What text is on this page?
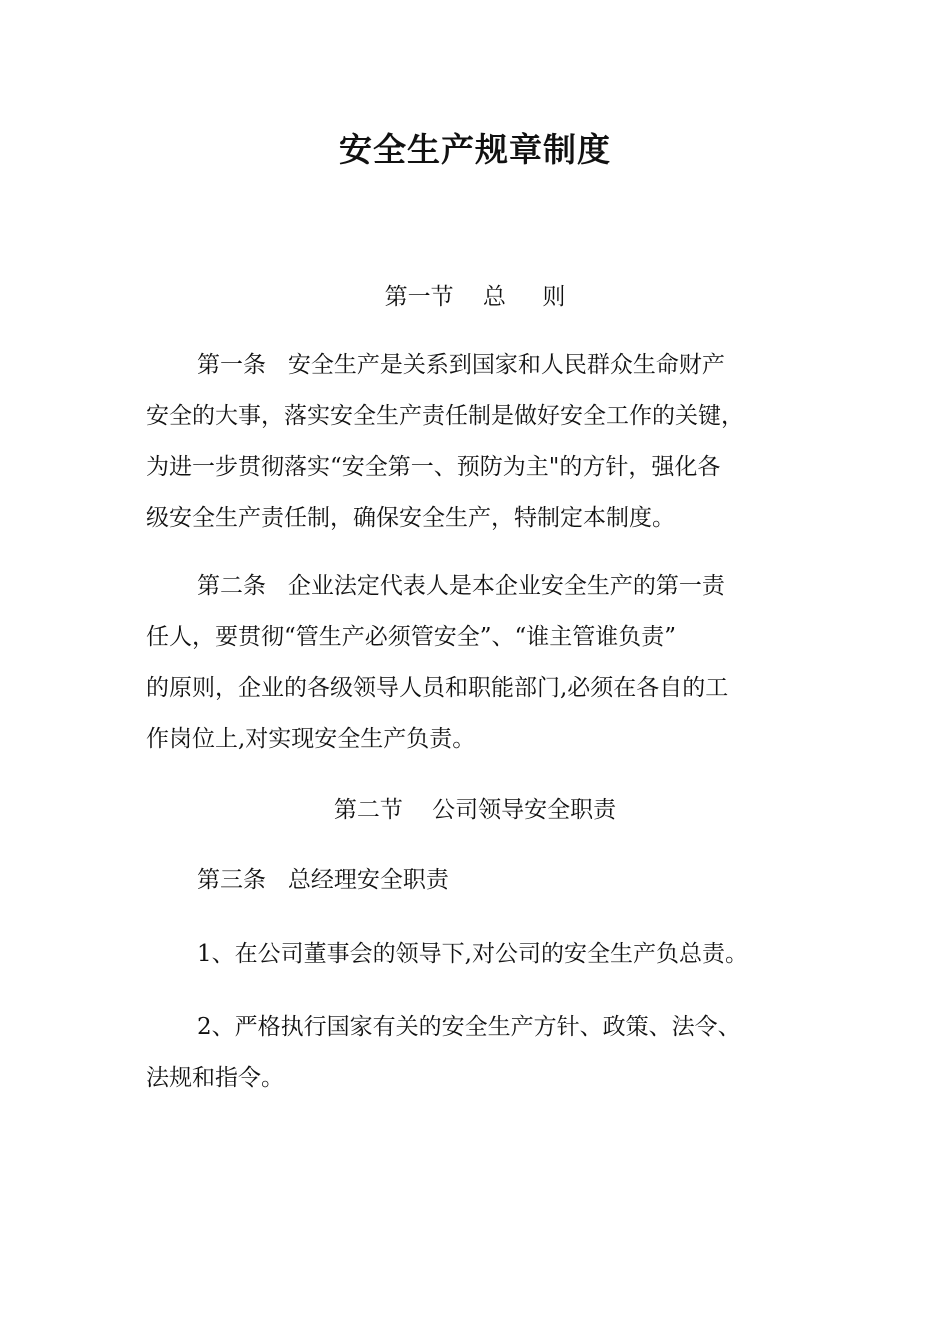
安全生产规章制度

第一节    总     则

第一条   安全生产是关系到国家和人民群众生命财产
安全的大事，落实安全生产责任制是做好安全工作的关键，
为进一步贯彻落实“安全第一、预防为主"的方针，强化各
级安全生产责任制，确保安全生产，特制定本制度。
第二条   企业法定代表人是本企业安全生产的第一责
任人，要贯彻“管生产必须管安全”、“谁主管谁负责”
的原则，企业的各级领导人员和职能部门,必须在各自的工
作岗位上,对实现安全生产负责。

第二节    公司领导安全职责

第三条   总经理安全职责
1、在公司董事会的领导下,对公司的安全生产负总责。
2、严格执行国家有关的安全生产方针、政策、法令、
法规和指令。
